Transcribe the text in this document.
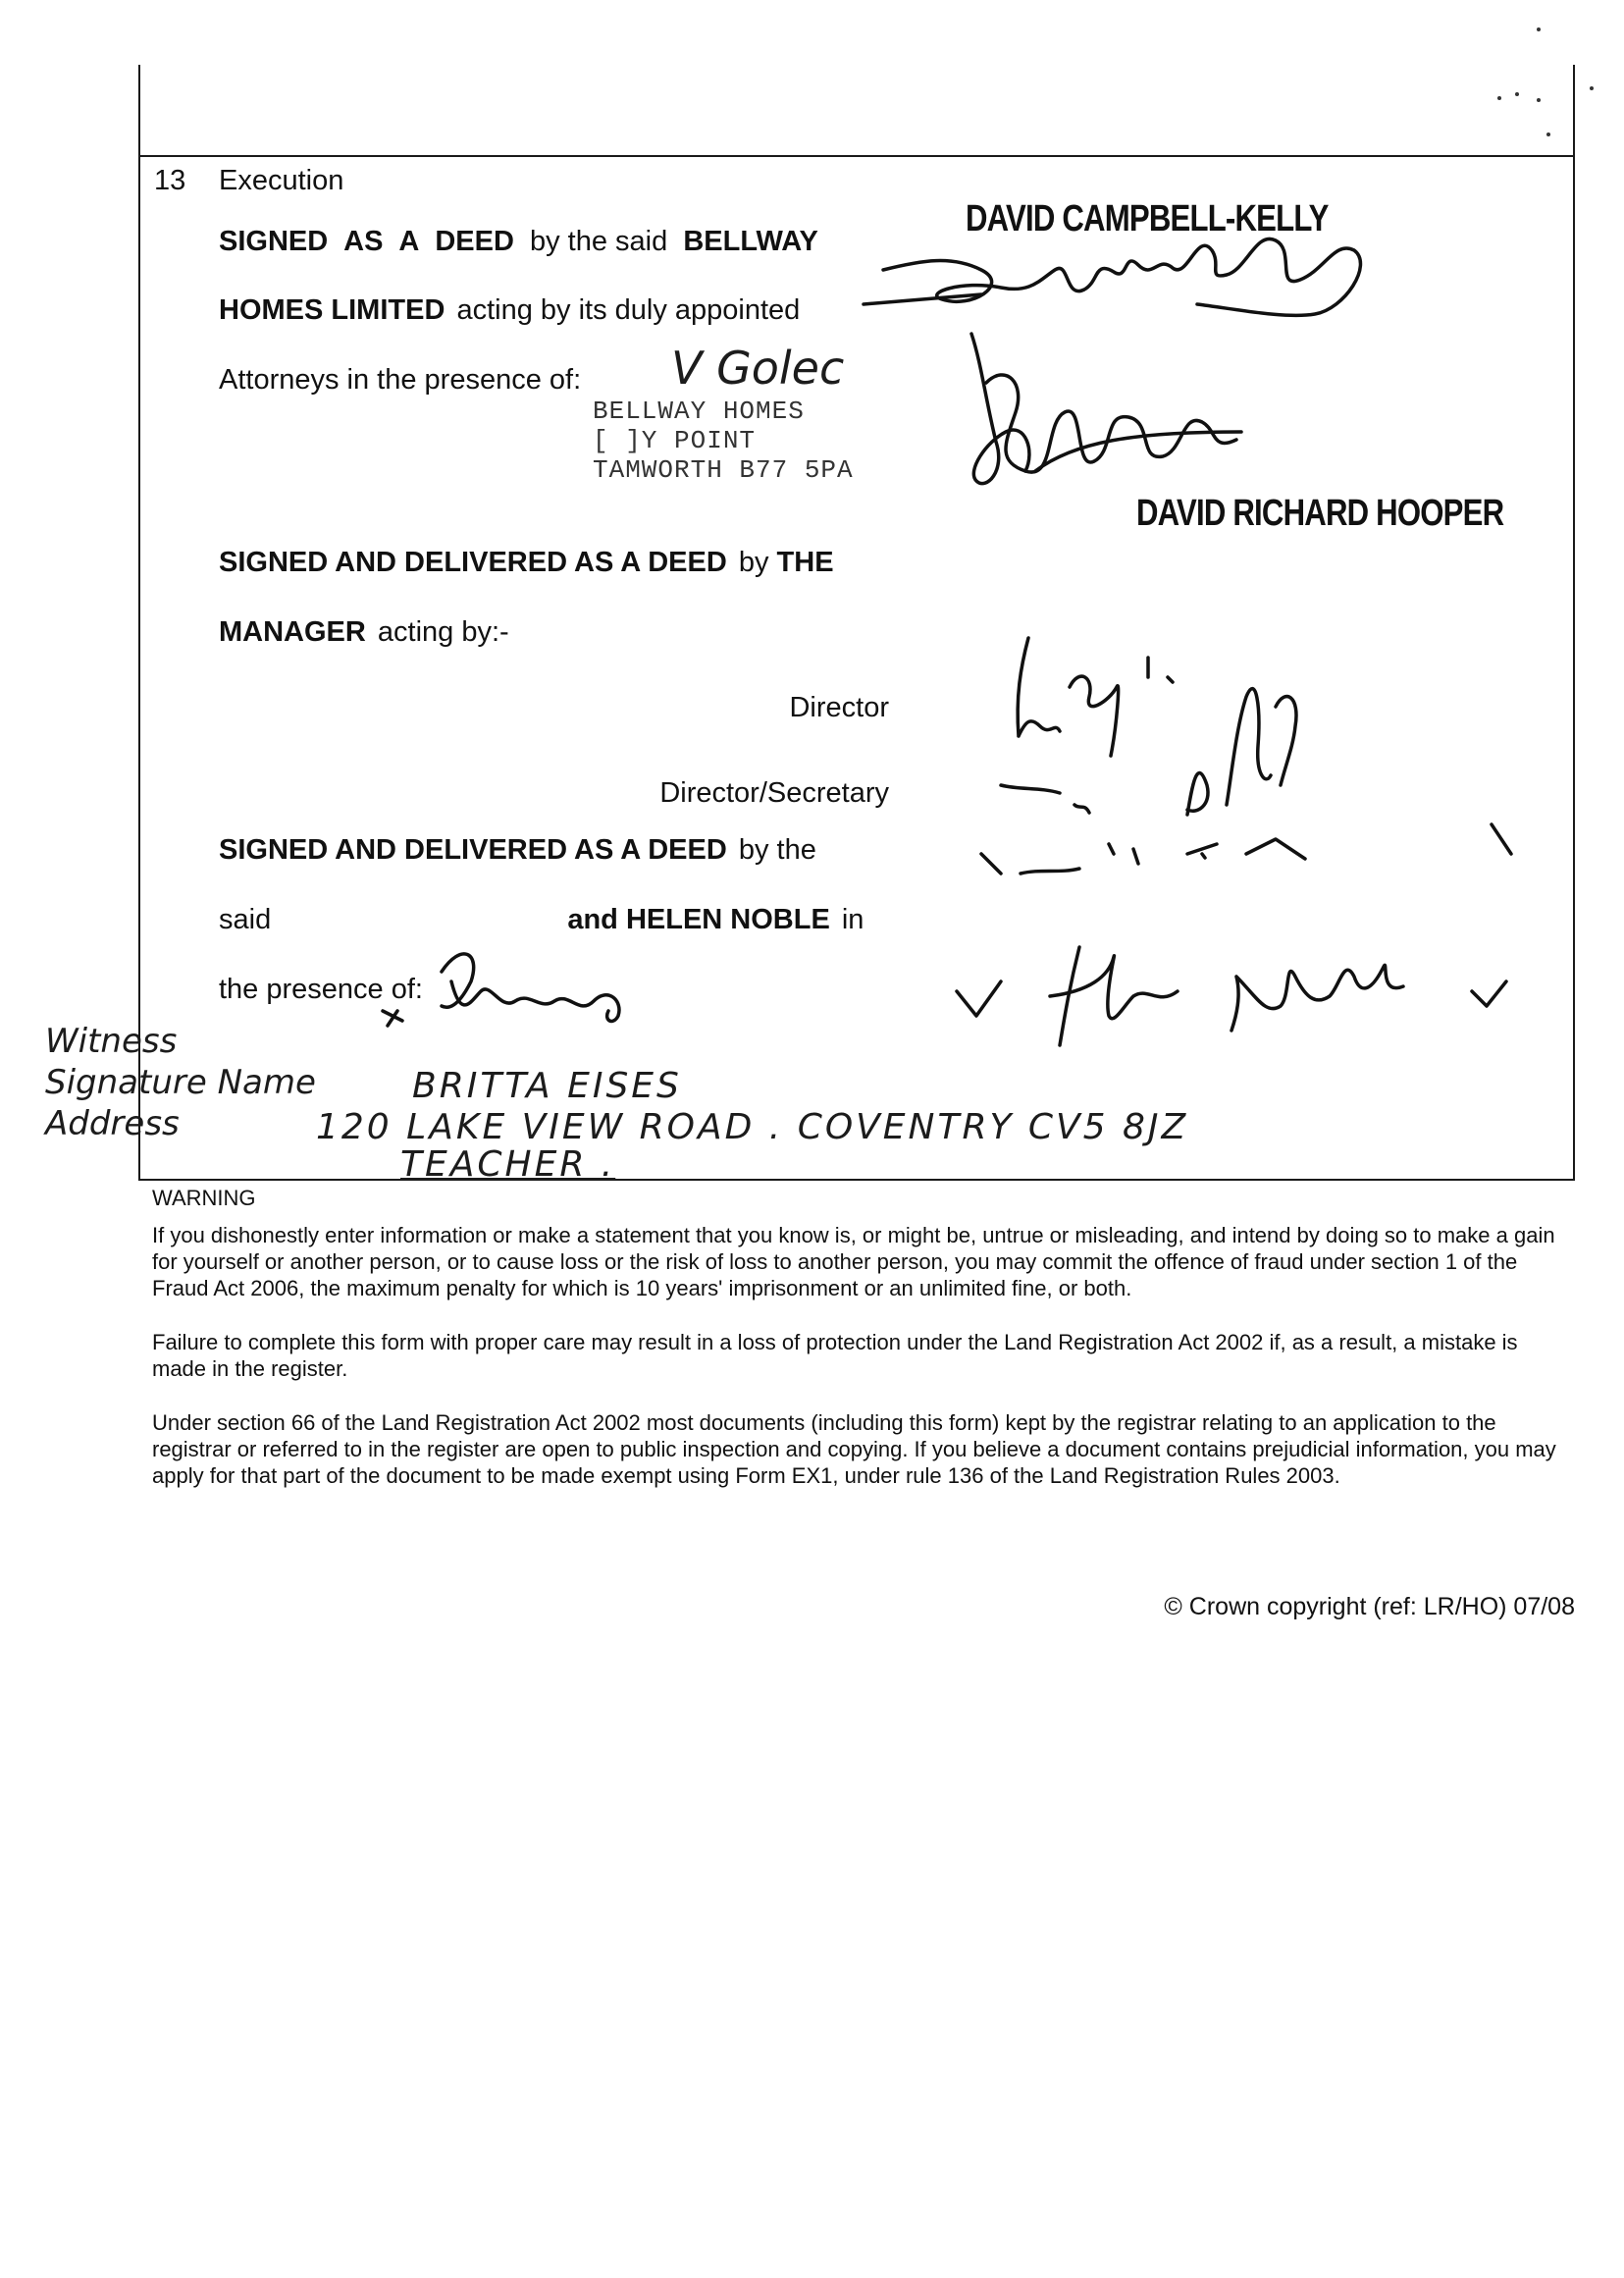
13 Execution
SIGNED AS A DEED by the said BELLWAY
HOMES LIMITED acting by its duly appointed
Attorneys in the presence of: V Golec
BELLWAY HOMES
[ ]Y POINT
TAMWORTH B77 5PA
DAVID CAMPBELL-KELLY
DAVID RICHARD HOOPER
SIGNED AND DELIVERED AS A DEED by THE
MANAGER acting by:-
Director
Director/Secretary
SIGNED AND DELIVERED AS A DEED by the
said	and HELEN NOBLE in
the presence of:
Witness
Signature Name
Address
BRITTA EISES
120 LAKE VIEW ROAD . COVENTRY CV5 8JZ
TEACHER .
WARNING

If you dishonestly enter information or make a statement that you know is, or might be, untrue or misleading, and intend by doing so to make a gain for yourself or another person, or to cause loss or the risk of loss to another person, you may commit the offence of fraud under section 1 of the Fraud Act 2006, the maximum penalty for which is 10 years' imprisonment or an unlimited fine, or both.

Failure to complete this form with proper care may result in a loss of protection under the Land Registration Act 2002 if, as a result, a mistake is made in the register.

Under section 66 of the Land Registration Act 2002 most documents (including this form) kept by the registrar relating to an application to the registrar or referred to in the register are open to public inspection and copying. If you believe a document contains prejudicial information, you may apply for that part of the document to be made exempt using Form EX1, under rule 136 of the Land Registration Rules 2003.

© Crown copyright (ref: LR/HO) 07/08
